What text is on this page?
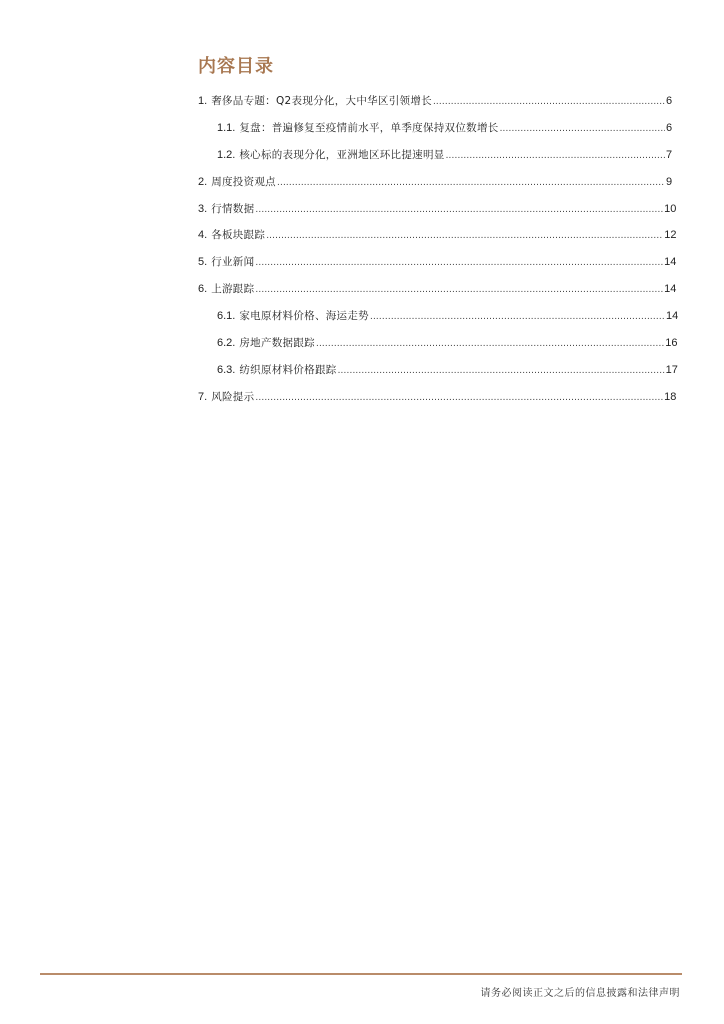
内容目录
1. 奢侈品专题：Q2表现分化，大中华区引领增长 .....	6
1.1. 复盘：普遍修复至疫情前水平，单季度保持双位数增长 .....	6
1.2. 核心标的表现分化，亚洲地区环比提速明显 .....	7
2. 周度投资观点 .....	9
3. 行情数据 .....	10
4. 各板块跟踪 .....	12
5. 行业新闻 .....	14
6. 上游跟踪 .....	14
6.1. 家电原材料价格、海运走势 .....	14
6.2. 房地产数据跟踪 .....	16
6.3. 纺织原材料价格跟踪 .....	17
7. 风险提示 .....	18
请务必阅读正文之后的信息披露和法律声明
